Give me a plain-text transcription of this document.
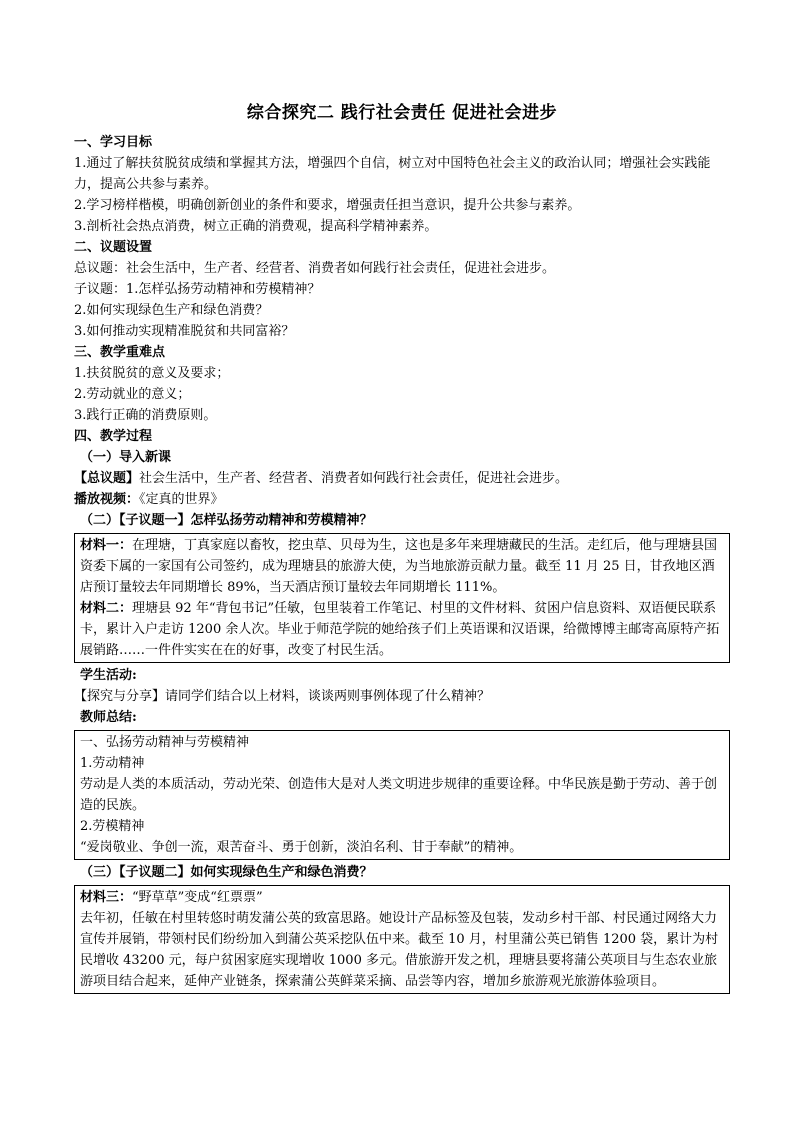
综合探究二 践行社会责任 促进社会进步

一、学习目标

1.通过了解扶贫脱贫成绩和掌握其方法，增强四个自信，树立对中国特色社会主义的政治认同；增强社会实践能力，提高公共参与素养。

2.学习榜样楷模，明确创新创业的条件和要求，增强责任担当意识，提升公共参与素养。

3.剖析社会热点消费，树立正确的消费观，提高科学精神素养。

二、议题设置

总议题：社会生活中，生产者、经营者、消费者如何践行社会责任，促进社会进步。

子议题：1.怎样弘扬劳动精神和劳模精神？

2.如何实现绿色生产和绿色消费？

3.如何推动实现精准脱贫和共同富裕？

三、教学重难点

1.扶贫脱贫的意义及要求；

2.劳动就业的意义；

3.践行正确的消费原则。

四、教学过程

（一）导入新课

【总议题】社会生活中，生产者、经营者、消费者如何践行社会责任，促进社会进步。

播放视频：《定真的世界》

（二）【子议题一】怎样弘扬劳动精神和劳模精神？

材料一：在理塘，丁真家庭以畜牧，挖虫草、贝母为生，这也是多年来理塘藏民的生活。走红后，他与理塘县国资委下属的一家国有公司签约，成为理塘县的旅游大使，为当地旅游贡献力量。截至 11 月 25 日，甘孜地区酒店预订量较去年同期增长 89%，当天酒店预订量较去年同期增长 111%。

材料二：理塘县 92 年“背包书记”任敏，包里装着工作笔记、村里的文件材料、贫困户信息资料、双语便民联系卡，累计入户走访 1200 余人次。毕业于师范学院的她给孩子们上英语课和汉语课，给微博博主邮寄高原特产拓展销路……一件件实实在在的好事，改变了村民生活。

学生活动:

【探究与分享】请同学们结合以上材料，谈谈两则事例体现了什么精神？

教师总结:

一、弘扬劳动精神与劳模精神

1.劳动精神

劳动是人类的本质活动，劳动光荣、创造伟大是对人类文明进步规律的重要诠释。中华民族是勤于劳动、善于创造的民族。

2.劳模精神

“爱岗敬业、争创一流，艰苦奋斗、勇于创新，淡泊名利、甘于奉献”的精神。

（三）【子议题二】如何实现绿色生产和绿色消费？

材料三：“野草草”变成“红票票”

去年初，任敏在村里转悠时萌发蒲公英的致富思路。她设计产品标签及包装，发动乡村干部、村民通过网络大力宣传并展销，带领村民们纷纷加入到蒲公英采挖队伍中来。截至 10 月，村里蒲公英已销售 1200 袋，累计为村民增收 43200 元，每户贫困家庭实现增收 1000 多元。借旅游开发之机，理塘县要将蒲公英项目与生态农业旅游项目结合起来，延伸产业链条，探索蒲公英鲜菜采摘、品尝等内容，增加乡旅游观光旅游体验项目。
